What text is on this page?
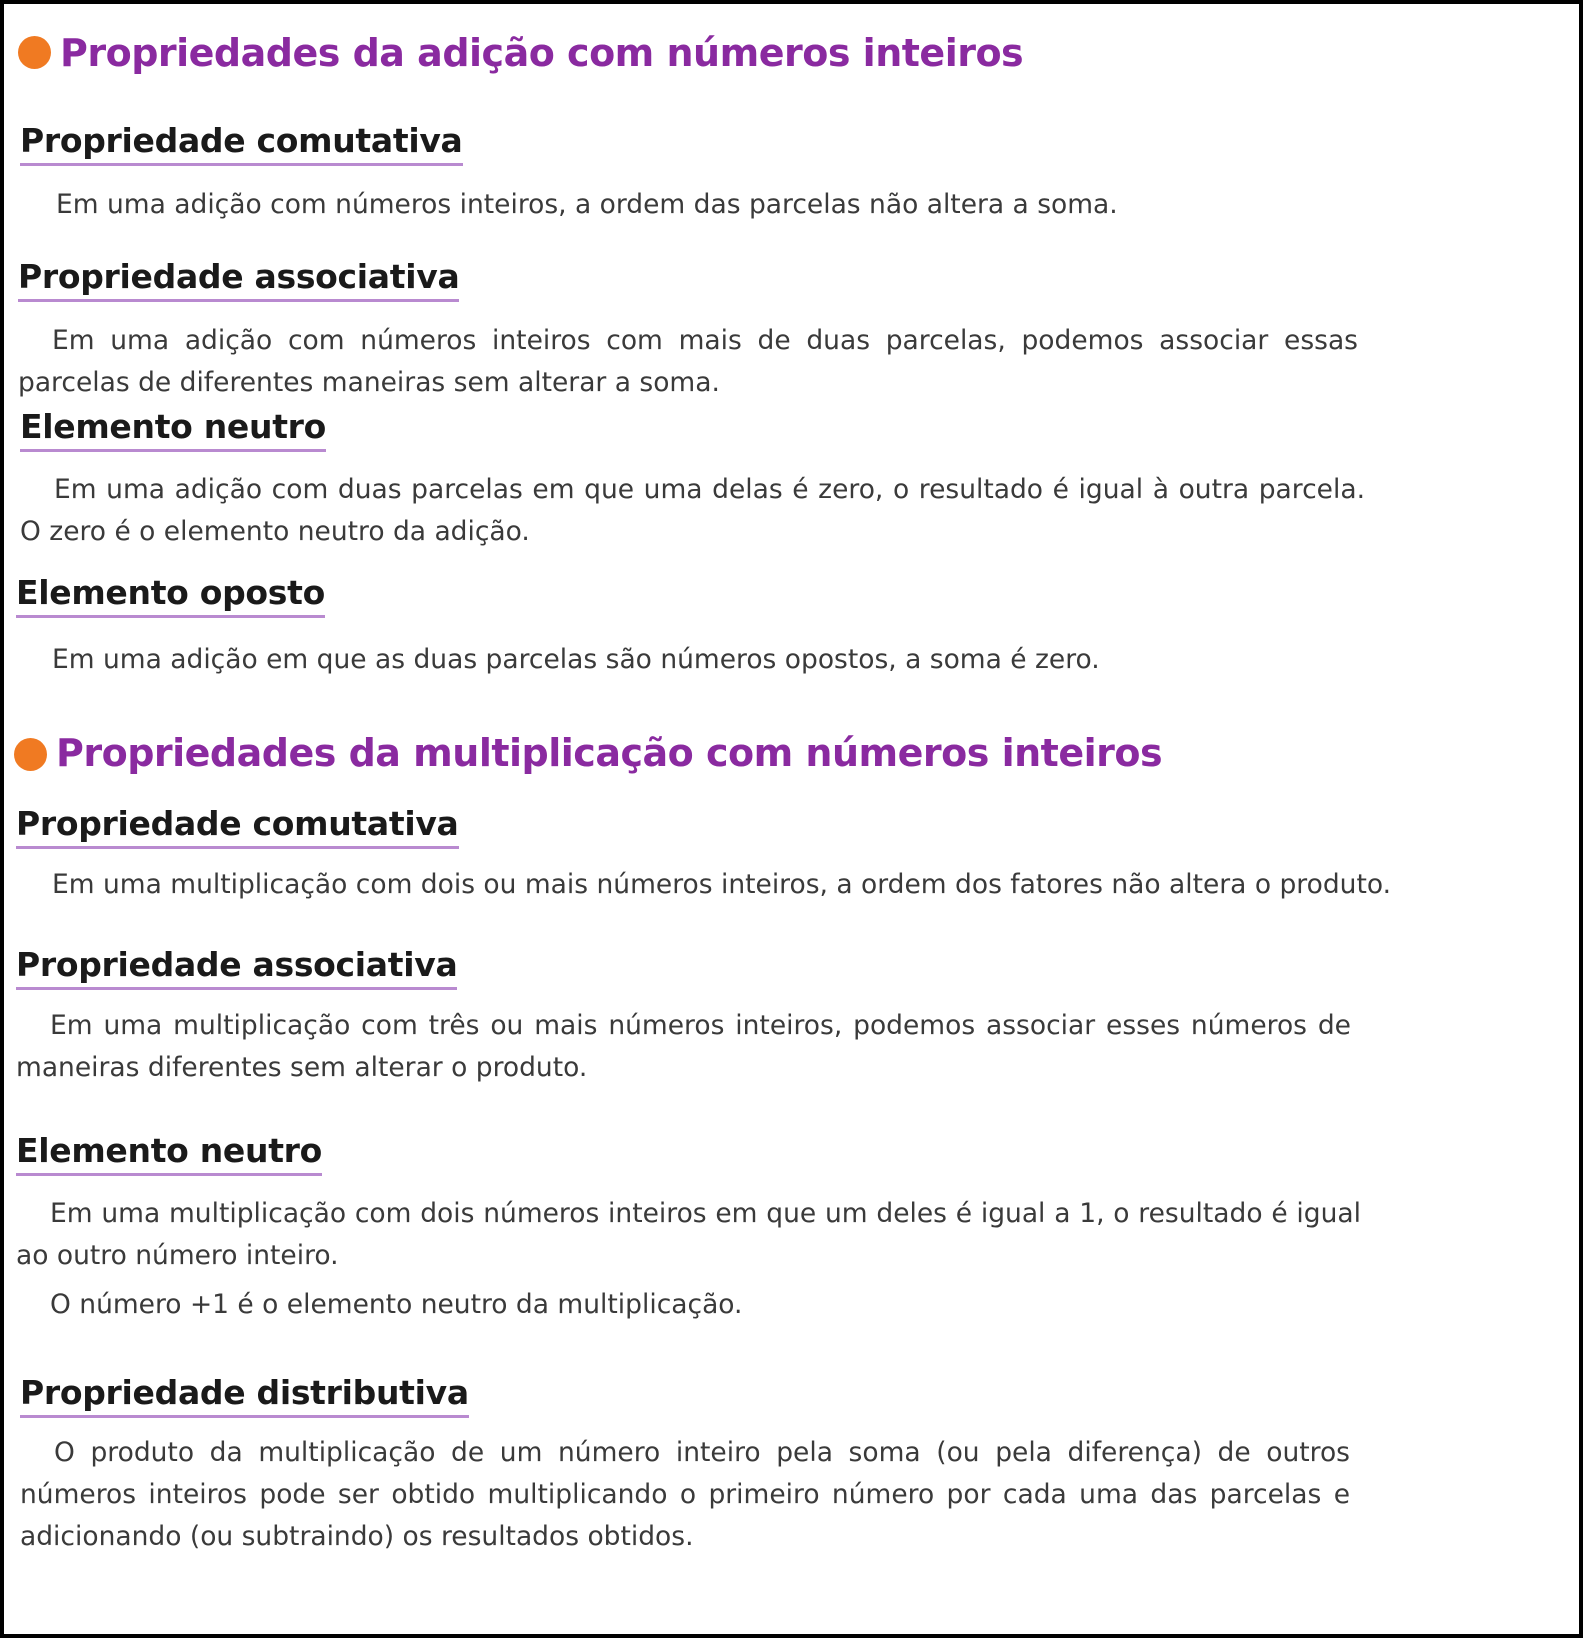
Propriedades da adição com números inteiros
Propriedade comutativa
Em uma adição com números inteiros, a ordem das parcelas não altera a soma.
Propriedade associativa
Em uma adição com números inteiros com mais de duas parcelas, podemos associar essas parcelas de diferentes maneiras sem alterar a soma.
Elemento neutro
Em uma adição com duas parcelas em que uma delas é zero, o resultado é igual à outra parcela. O zero é o elemento neutro da adição.
Elemento oposto
Em uma adição em que as duas parcelas são números opostos, a soma é zero.
Propriedades da multiplicação com números inteiros
Propriedade comutativa
Em uma multiplicação com dois ou mais números inteiros, a ordem dos fatores não altera o produto.
Propriedade associativa
Em uma multiplicação com três ou mais números inteiros, podemos associar esses números de maneiras diferentes sem alterar o produto.
Elemento neutro
Em uma multiplicação com dois números inteiros em que um deles é igual a 1, o resultado é igual ao outro número inteiro.
O número +1 é o elemento neutro da multiplicação.
Propriedade distributiva
O produto da multiplicação de um número inteiro pela soma (ou pela diferença) de outros números inteiros pode ser obtido multiplicando o primeiro número por cada uma das parcelas e adicionando (ou subtraindo) os resultados obtidos.
